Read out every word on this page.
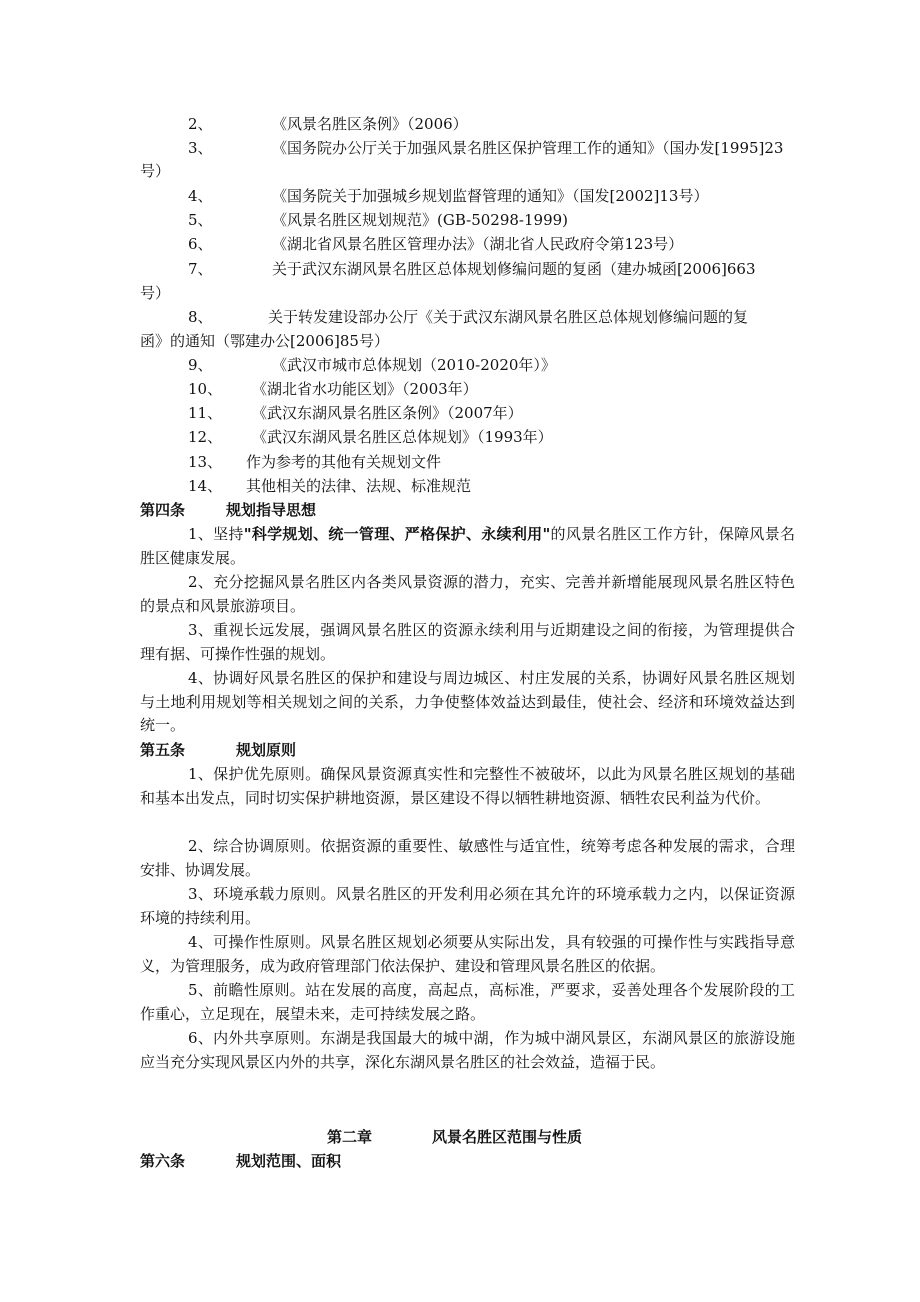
2、	《风景名胜区条例》（2006）
3、	《国务院办公厅关于加强风景名胜区保护管理工作的通知》（国办发[1995]23
号）
4、	《国务院关于加强城乡规划监督管理的通知》（国发[2002]13号）
5、	《风景名胜区规划规范》(GB-50298-1999)
6、	《湖北省风景名胜区管理办法》（湖北省人民政府令第123号）
7、	关于武汉东湖风景名胜区总体规划修编问题的复函（建办城函[2006]663
号）
8、	关于转发建设部办公厅《关于武汉东湖风景名胜区总体规划修编问题的复
函》的通知（鄂建办公[2006]85号）
9、	《武汉市城市总体规划（2010-2020年）》
10、 《湖北省水功能区划》（2003年）
11、 《武汉东湖风景名胜区条例》（2007年）
12、 《武汉东湖风景名胜区总体规划》（1993年）
13、 作为参考的其他有关规划文件
14、 其他相关的法律、法规、标准规范
第四条	规划指导思想

1、坚持"科学规划、统一管理、严格保护、永续利用"的风景名胜区工作方针，保障风景名胜区健康发展。

2、充分挖掘风景名胜区内各类风景资源的潜力，充实、完善并新增能展现风景名胜区特色的景点和风景旅游项目。

3、重视长远发展，强调风景名胜区的资源永续利用与近期建设之间的衔接，为管理提供合理有据、可操作性强的规划。

4、协调好风景名胜区的保护和建设与周边城区、村庄发展的关系，协调好风景名胜区规划与土地利用规划等相关规划之间的关系，力争使整体效益达到最佳，使社会、经济和环境效益达到统一。

第五条	规划原则

1、保护优先原则。确保风景资源真实性和完整性不被破坏，以此为风景名胜区规划的基础和基本出发点，同时切实保护耕地资源，景区建设不得以牺牲耕地资源、牺牲农民利益为代价。

2、综合协调原则。依据资源的重要性、敏感性与适宜性，统筹考虑各种发展的需求，合理安排、协调发展。

3、环境承载力原则。风景名胜区的开发利用必须在其允许的环境承载力之内，以保证资源环境的持续利用。

4、可操作性原则。风景名胜区规划必须要从实际出发，具有较强的可操作性与实践指导意义，为管理服务，成为政府管理部门依法保护、建设和管理风景名胜区的依据。

5、前瞻性原则。站在发展的高度，高起点，高标准，严要求，妥善处理各个发展阶段的工作重心，立足现在，展望未来，走可持续发展之路。

6、内外共享原则。东湖是我国最大的城中湖，作为城中湖风景区，东湖风景区的旅游设施应当充分实现风景区内外的共享，深化东湖风景名胜区的社会效益，造福于民。

第二章	风景名胜区范围与性质
第六条	规划范围、面积
